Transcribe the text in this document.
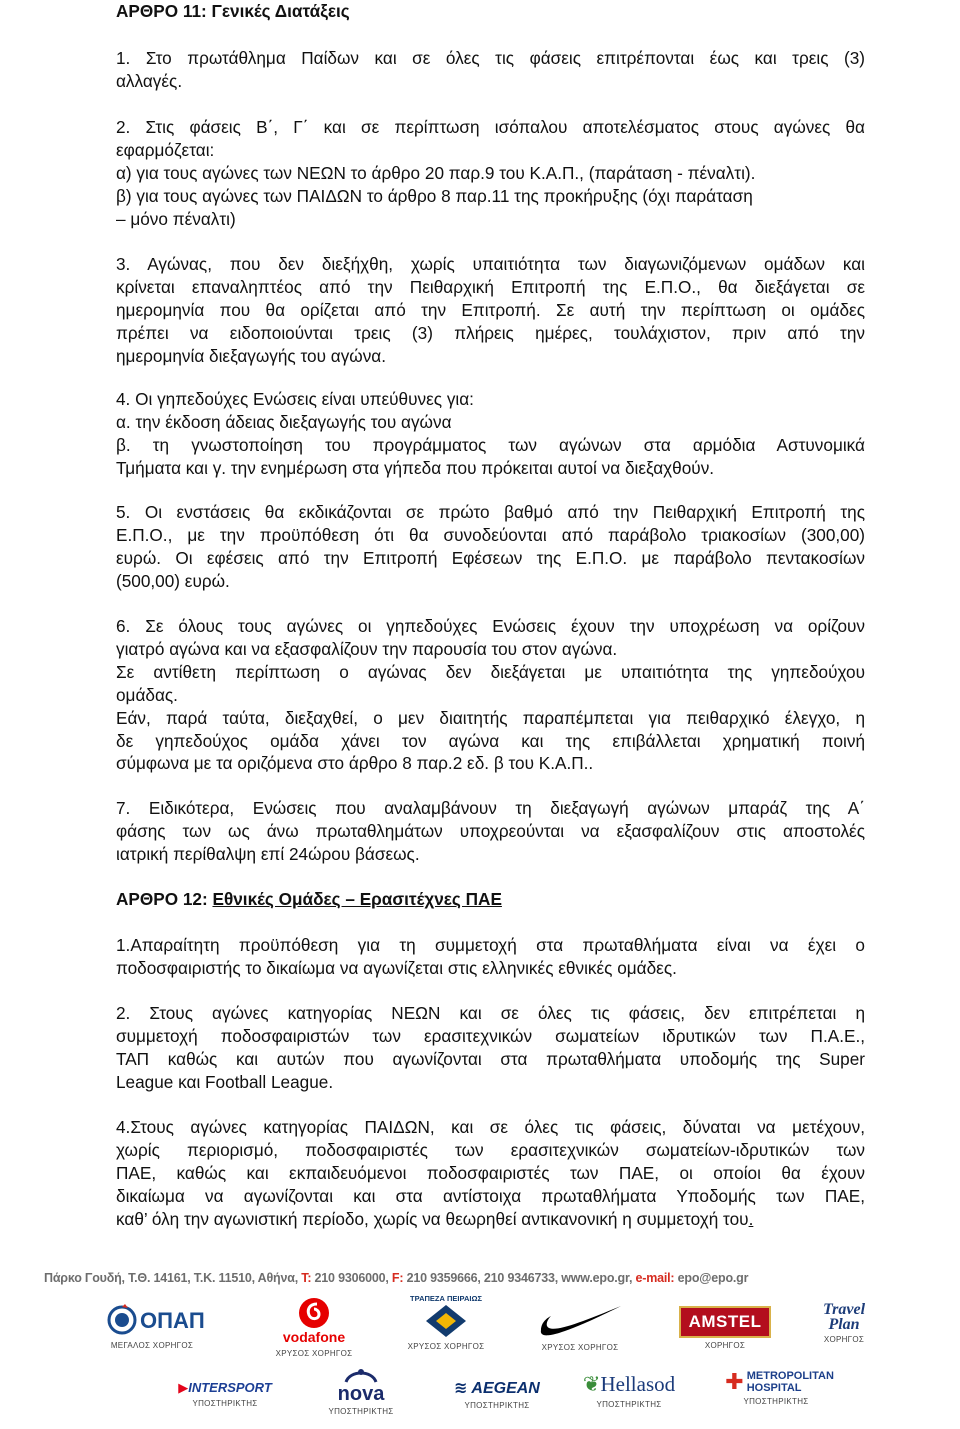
ΑΡΘΡΟ 11: Γενικές Διατάξεις
1. Στο πρωτάθλημα Παίδων και σε όλες τις φάσεις επιτρέπονται έως και τρεις (3)
αλλαγές.
2. Στις φάσεις Β΄, Γ΄ και σε περίπτωση ισόπαλου αποτελέσματος στους αγώνες θα
εφαρμόζεται:
α) για τους αγώνες των ΝΕΩΝ το άρθρο 20 παρ.9 του Κ.Α.Π., (παράταση - πέναλτι).
β) για τους αγώνες των ΠΑΙΔΩΝ το άρθρο 8 παρ.11 της προκήρυξης (όχι παράταση
– μόνο πέναλτι)
3. Αγώνας, που δεν διεξήχθη, χωρίς υπαιτιότητα των διαγωνιζόμενων ομάδων και
κρίνεται επαναληπτέος από την Πειθαρχική Επιτροπή της Ε.Π.Ο., θα διεξάγεται σε
ημερομηνία που θα ορίζεται από την Επιτροπή. Σε αυτή την περίπτωση οι ομάδες
πρέπει να ειδοποιούνται τρεις (3) πλήρεις ημέρες, τουλάχιστον, πριν από την
ημερομηνία διεξαγωγής του αγώνα.
4. Οι γηπεδούχες Ενώσεις είναι υπεύθυνες για:
α. την έκδοση άδειας διεξαγωγής του αγώνα
β. τη γνωστοποίηση του προγράμματος των αγώνων στα αρμόδια Αστυνομικά
Τμήματα και γ. την ενημέρωση στα γήπεδα που πρόκειται αυτοί να διεξαχθούν.
5. Οι ενστάσεις θα εκδικάζονται σε πρώτο βαθμό από την Πειθαρχική Επιτροπή της
Ε.Π.Ο., με την προϋπόθεση ότι θα συνοδεύονται από παράβολο τριακοσίων (300,00)
ευρώ. Οι εφέσεις από την Επιτροπή Εφέσεων της Ε.Π.Ο. με παράβολο πεντακοσίων
(500,00) ευρώ.
6. Σε όλους τους αγώνες οι γηπεδούχες Ενώσεις έχουν την υποχρέωση να ορίζουν
γιατρό αγώνα και να εξασφαλίζουν την παρουσία του στον αγώνα.
Σε αντίθετη περίπτωση ο αγώνας δεν διεξάγεται με υπαιτιότητα της γηπεδούχου
ομάδας.
Εάν, παρά ταύτα, διεξαχθεί, ο μεν διαιτητής παραπέμπεται για πειθαρχικό έλεγχο, η
δε γηπεδούχος ομάδα χάνει τον αγώνα και της επιβάλλεται χρηματική ποινή
σύμφωνα με τα οριζόμενα στο άρθρο 8 παρ.2 εδ. β του Κ.Α.Π..
7. Ειδικότερα, Ενώσεις που αναλαμβάνουν τη διεξαγωγή αγώνων μπαράζ της Α΄
φάσης των ως άνω πρωταθλημάτων υποχρεούνται να εξασφαλίζουν στις αποστολές
ιατρική περίθαλψη επί 24ώρου βάσεως.
ΑΡΘΡΟ 12: Εθνικές Ομάδες – Ερασιτέχνες ΠΑΕ
1.Απαραίτητη προϋπόθεση για τη συμμετοχή στα πρωταθλήματα είναι να έχει ο
ποδοσφαιριστής το δικαίωμα να αγωνίζεται στις ελληνικές εθνικές ομάδες.
2. Στους αγώνες κατηγορίας ΝΕΩΝ και σε όλες τις φάσεις, δεν επιτρέπεται η
συμμετοχή ποδοσφαιριστών των ερασιτεχνικών σωματείων ιδρυτικών των Π.Α.Ε.,
ΤΑΠ καθώς και αυτών που αγωνίζονται στα πρωταθλήματα υποδομής της Super
League και Football League.
4.Στους αγώνες κατηγορίας ΠΑΙΔΩΝ, και σε όλες τις φάσεις, δύναται να μετέχουν,
χωρίς περιορισμό, ποδοσφαιριστές των ερασιτεχνικών σωματείων-ιδρυτικών των
ΠΑΕ, καθώς και εκπαιδευόμενοι ποδοσφαιριστές των ΠΑΕ, οι οποίοι θα έχουν
δικαίωμα να αγωνίζονται και στα αντίστοιχα πρωταθλήματα Υποδομής των ΠΑΕ,
καθ’ όλη την αγωνιστική περίοδο, χωρίς να θεωρηθεί αντικανονική η συμμετοχή του.
Πάρκο Γουδή, Τ.Θ. 14161, Τ.Κ. 11510, Αθήνα, T: 210 9306000, F: 210 9359666, 210 9346733, www.epo.gr, e-mail: epo@epo.gr
ΟΠΑΠ
ΜΕΓΑΛΟΣ ΧΟΡΗΓΟΣ
vodafone
ΧΡΥΣΟΣ ΧΟΡΗΓΟΣ
ΤΡΑΠΕΖΑ ΠΕΙΡΑΙΩΣ
ΧΡΥΣΟΣ ΧΟΡΗΓΟΣ	ΧΡΥΣΟΣ ΧΟΡΗΓΟΣ
AMSTEL
ΧΟΡΗΓΟΣ
Travel Plan
ΧΟΡΗΓΟΣ
▶INTERSPORT
ΥΠΟΣΤΗΡΙΚΤΗΣ	nova
ΥΠΟΣΤΗΡΙΚΤΗΣ
≋ AEGEAN
ΥΠΟΣΤΗΡΙΚΤΗΣ
❦Hellasod
ΥΠΟΣΤΗΡΙΚΤΗΣ
✚ METROPOLITAN HOSPITAL
ΥΠΟΣΤΗΡΙΚΤΗΣ
